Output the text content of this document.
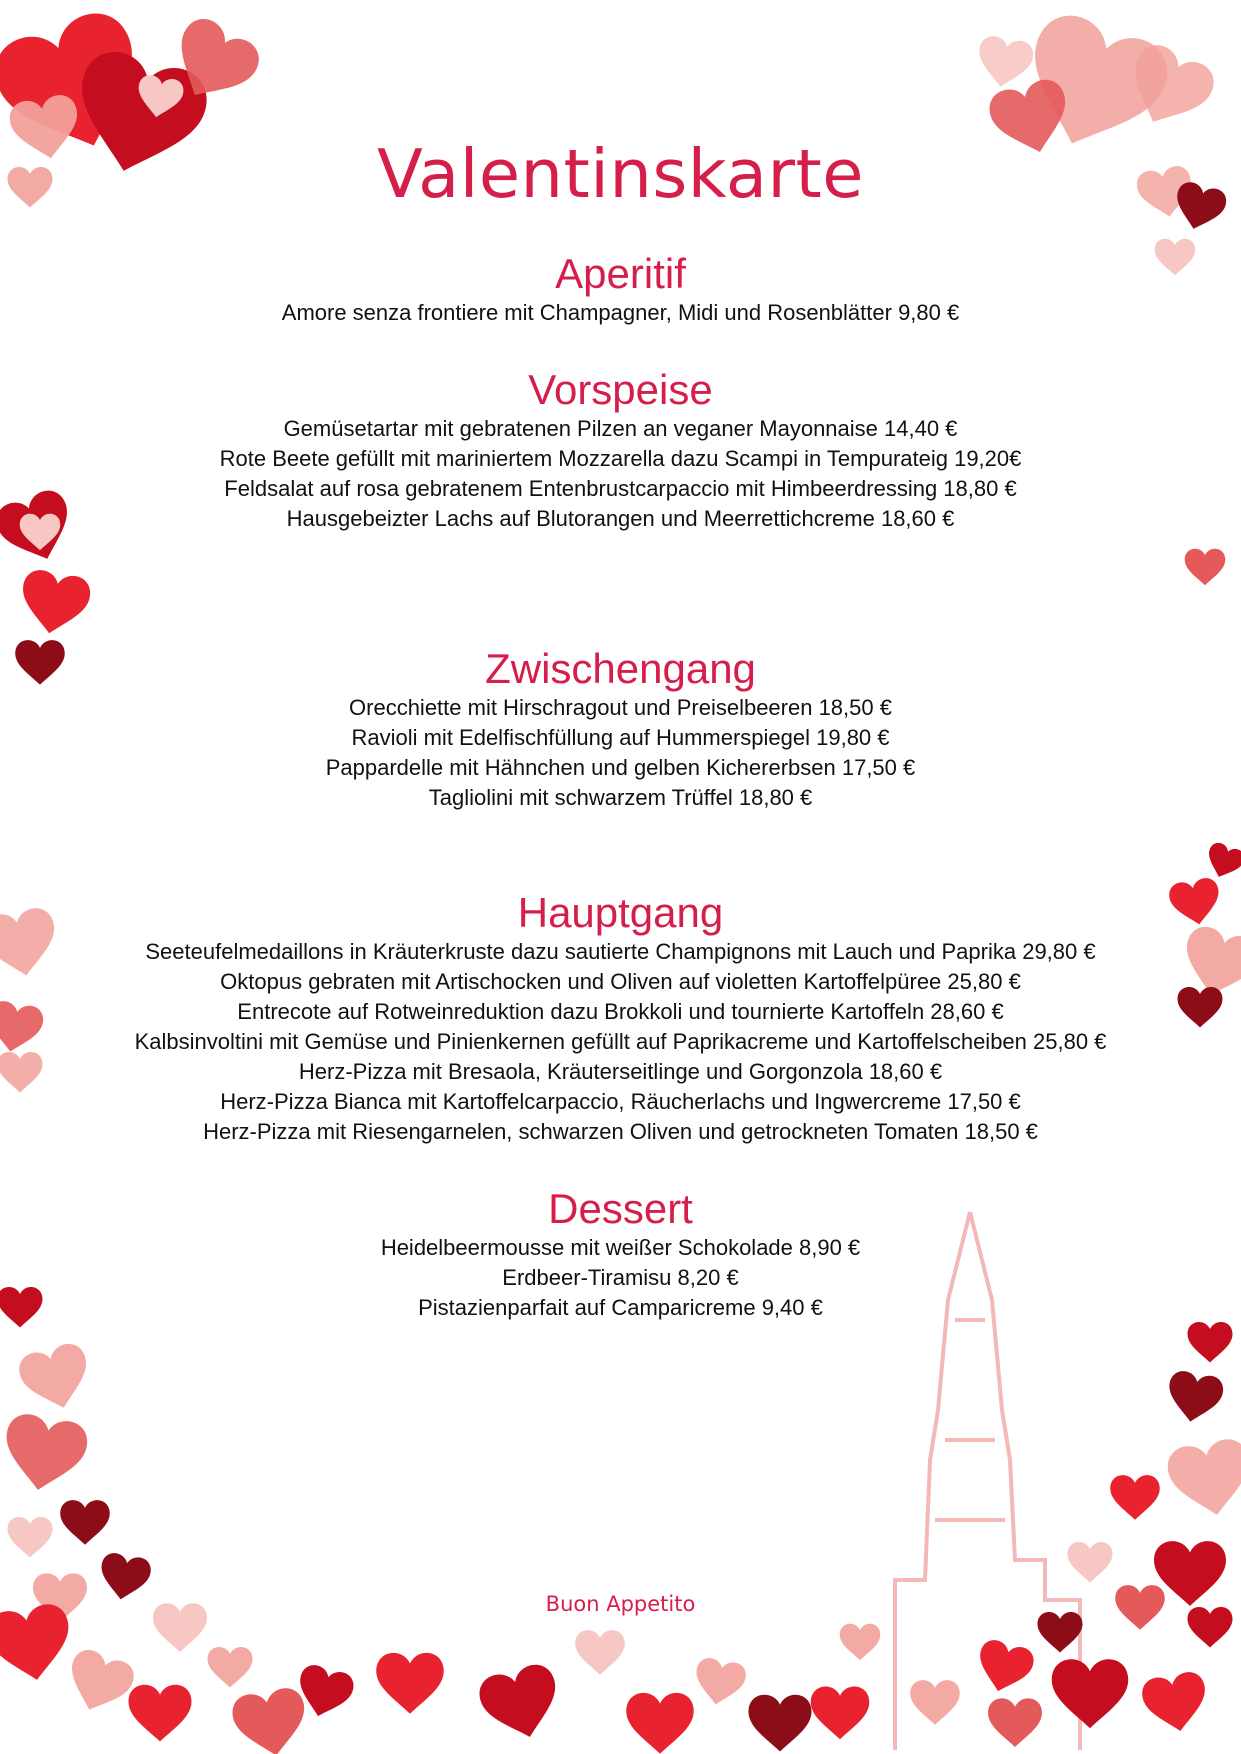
Valentinskarte
Aperitif
Amore senza frontiere mit Champagner, Midi und Rosenblätter 9,80 €
Vorspeise
Gemüsetartar mit gebratenen Pilzen an veganer Mayonnaise 14,40 €
Rote Beete gefüllt mit mariniertem Mozzarella dazu Scampi in Tempurateig 19,20€
Feldsalat auf rosa gebratenem Entenbrustcarpaccio mit Himbeerdressing 18,80 €
Hausgebeizter Lachs auf Blutorangen und Meerrettichcreme 18,60 €
Zwischengang
Orecchiette mit Hirschragout und Preiselbeeren 18,50 €
Ravioli mit Edelfischfüllung auf Hummerspiegel 19,80 €
Pappardelle mit Hähnchen und gelben Kichererbsen 17,50 €
Tagliolini mit schwarzem Trüffel 18,80 €
Hauptgang
Seeteufelmedaillons in Kräuterkruste dazu sautierte Champignons mit Lauch und Paprika 29,80 €
Oktopus gebraten mit Artischocken und Oliven auf violetten Kartoffelpüree 25,80 €
Entrecote auf Rotweinreduktion dazu Brokkoli und tournierte Kartoffeln 28,60 €
Kalbsinvoltini mit Gemüse und Pinienkernen gefüllt auf Paprikacreme und Kartoffelscheiben 25,80 €
Herz-Pizza mit Bresaola, Kräuterseitlinge und Gorgonzola 18,60 €
Herz-Pizza Bianca mit Kartoffelcarpaccio, Räucherlachs und Ingwercreme 17,50 €
Herz-Pizza mit Riesengarnelen, schwarzen Oliven und getrockneten Tomaten 18,50 €
Dessert
Heidelbeermousse mit weißer Schokolade 8,90 €
Erdbeer-Tiramisu 8,20 €
Pistazienparfait auf Camparicreme 9,40 €
Buon Appetito
